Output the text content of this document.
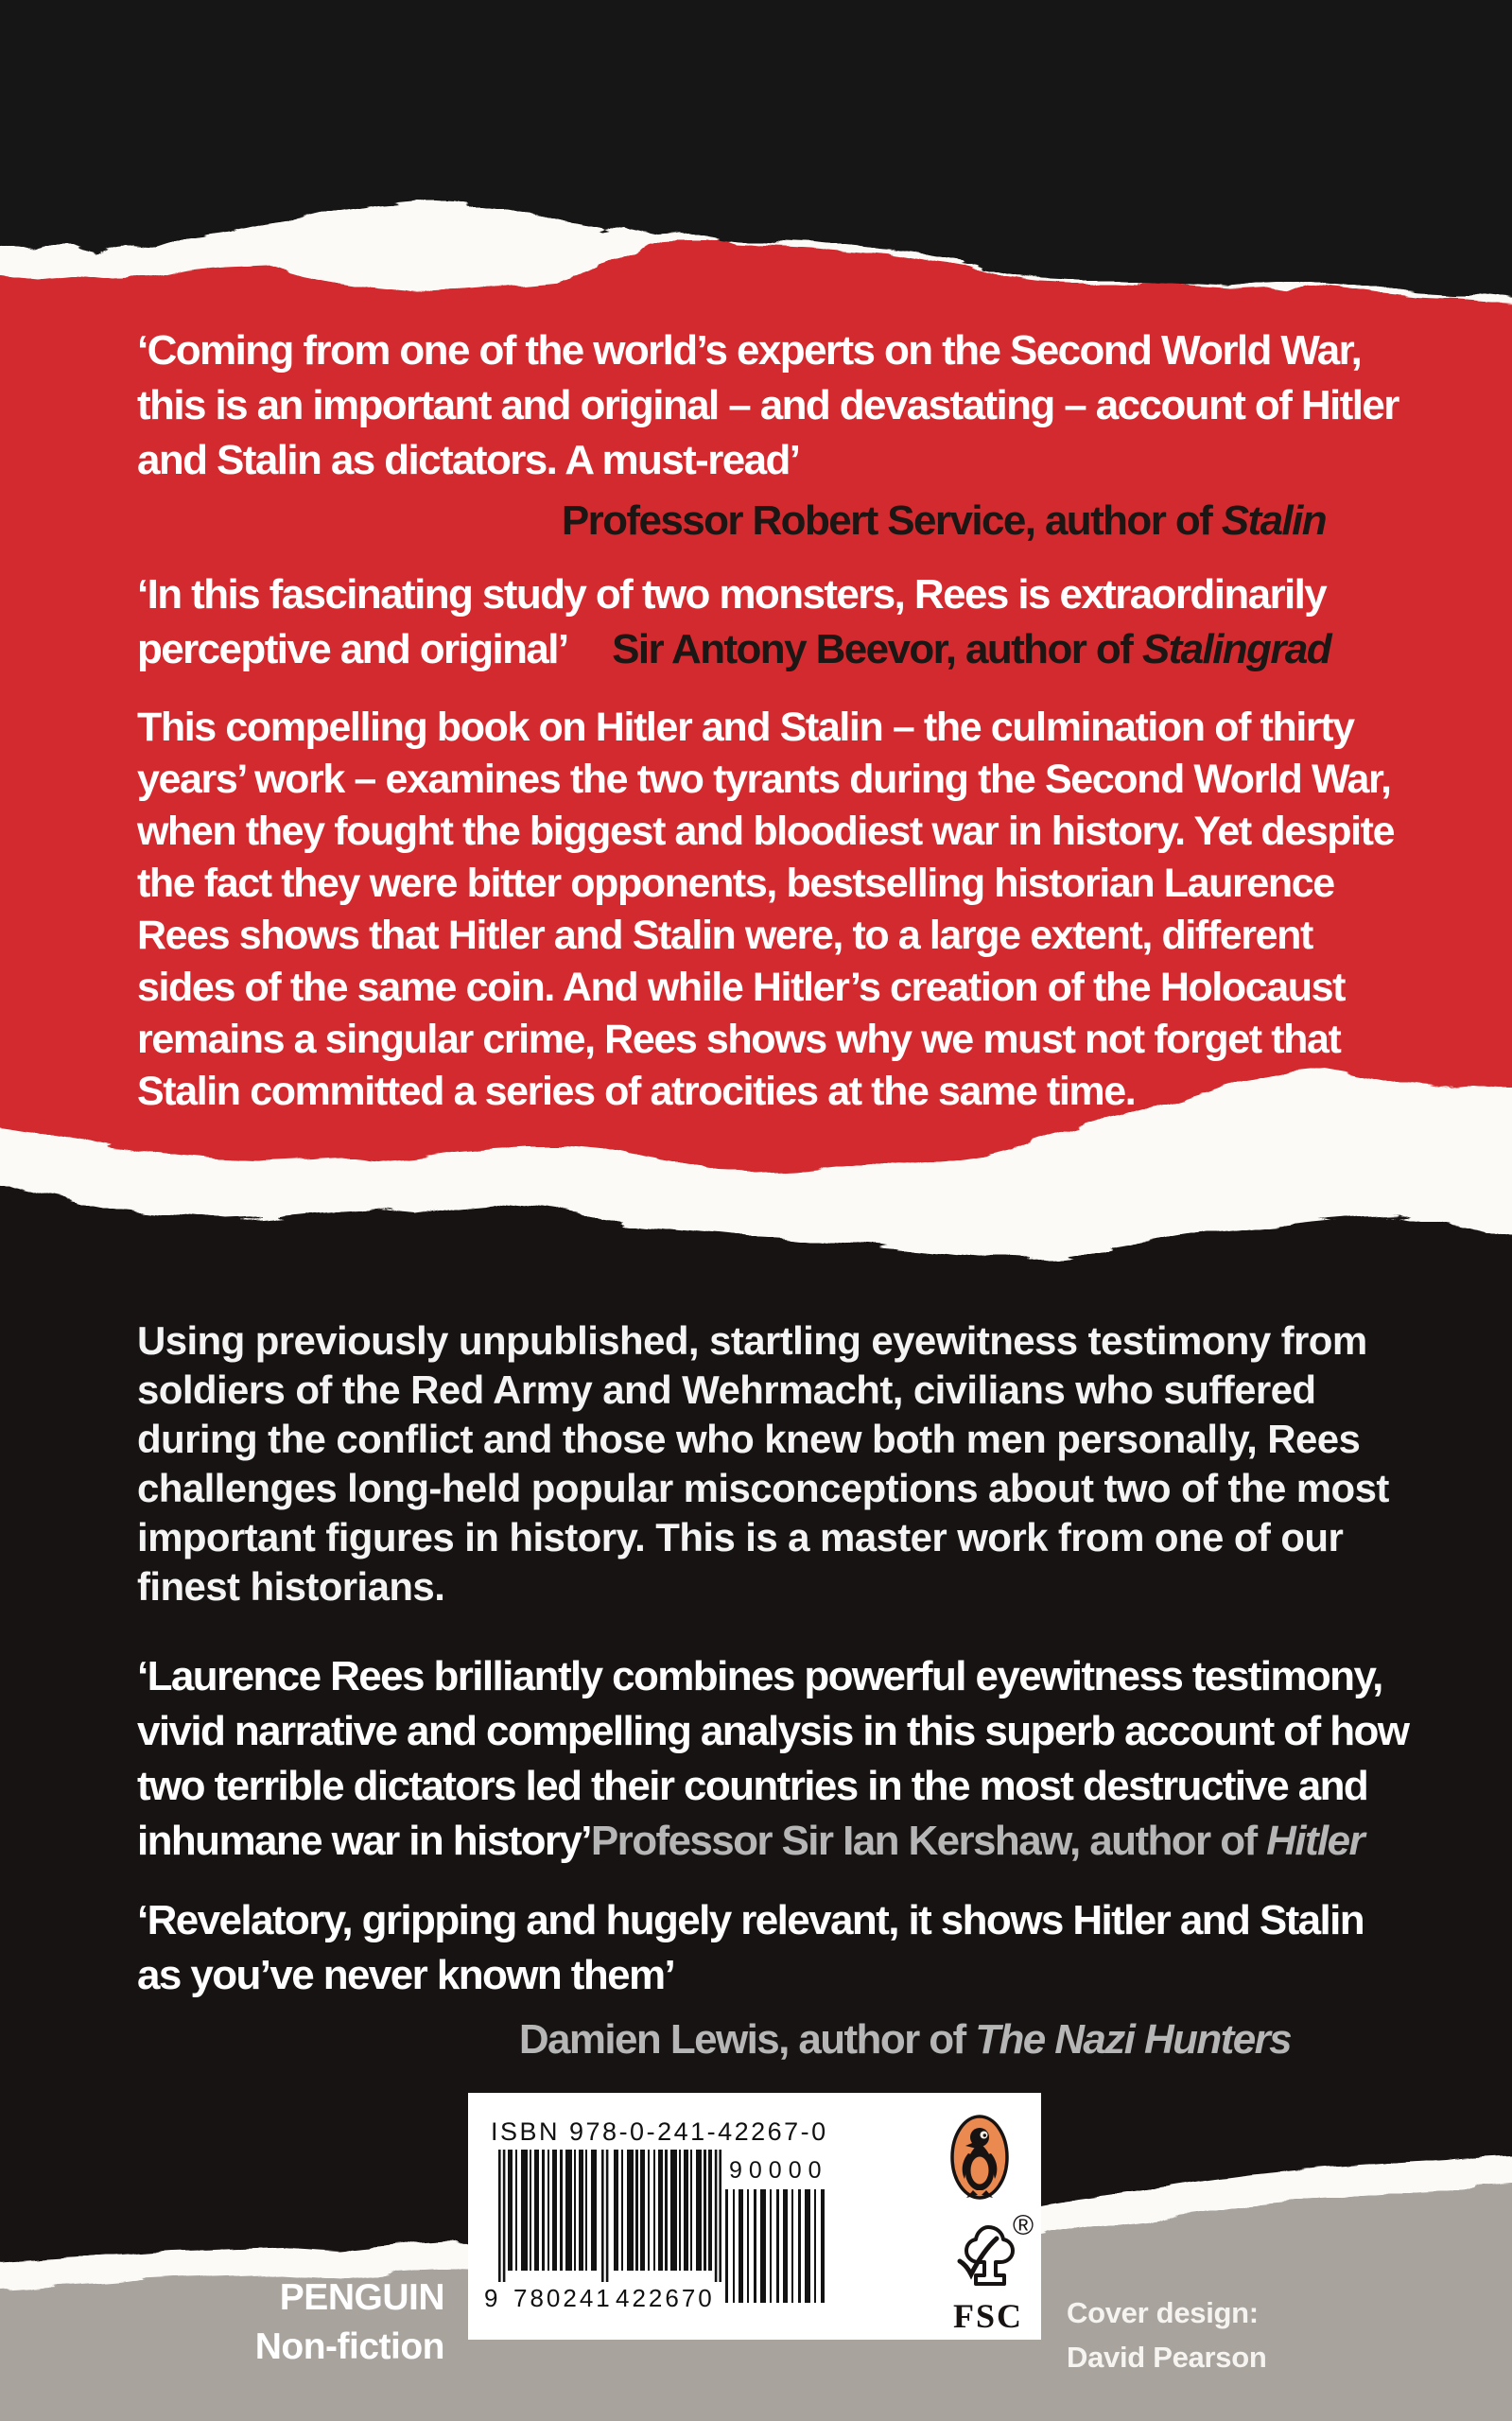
‘Coming from one of the world’s experts on the Second World War,
this is an important and original – and devastating – account of Hitler
and Stalin as dictators. A must-read’
Professor Robert Service, author of Stalin
‘In this fascinating study of two monsters, Rees is extraordinarily
perceptive and original’ Sir Antony Beevor, author of Stalingrad
This compelling book on Hitler and Stalin – the culmination of thirty
years’ work – examines the two tyrants during the Second World War,
when they fought the biggest and bloodiest war in history. Yet despite
the fact they were bitter opponents, bestselling historian Laurence
Rees shows that Hitler and Stalin were, to a large extent, different
sides of the same coin. And while Hitler’s creation of the Holocaust
remains a singular crime, Rees shows why we must not forget that
Stalin committed a series of atrocities at the same time.
Using previously unpublished, startling eyewitness testimony from
soldiers of the Red Army and Wehrmacht, civilians who suffered
during the conflict and those who knew both men personally, Rees
challenges long-held popular misconceptions about two of the most
important figures in history. This is a master work from one of our
finest historians.
‘Laurence Rees brilliantly combines powerful eyewitness testimony,
vivid narrative and compelling analysis in this superb account of how
two terrible dictators led their countries in the most destructive and
inhumane war in history’ Professor Sir Ian Kershaw, author of Hitler
‘Revelatory, gripping and hugely relevant, it shows Hitler and Stalin
as you’ve never known them’
Damien Lewis, author of The Nazi Hunters
ISBN 978-0-241-42267-0
9 780241 422670
90000
®
FSC
PENGUIN
Non-fiction
Cover design:
David Pearson
